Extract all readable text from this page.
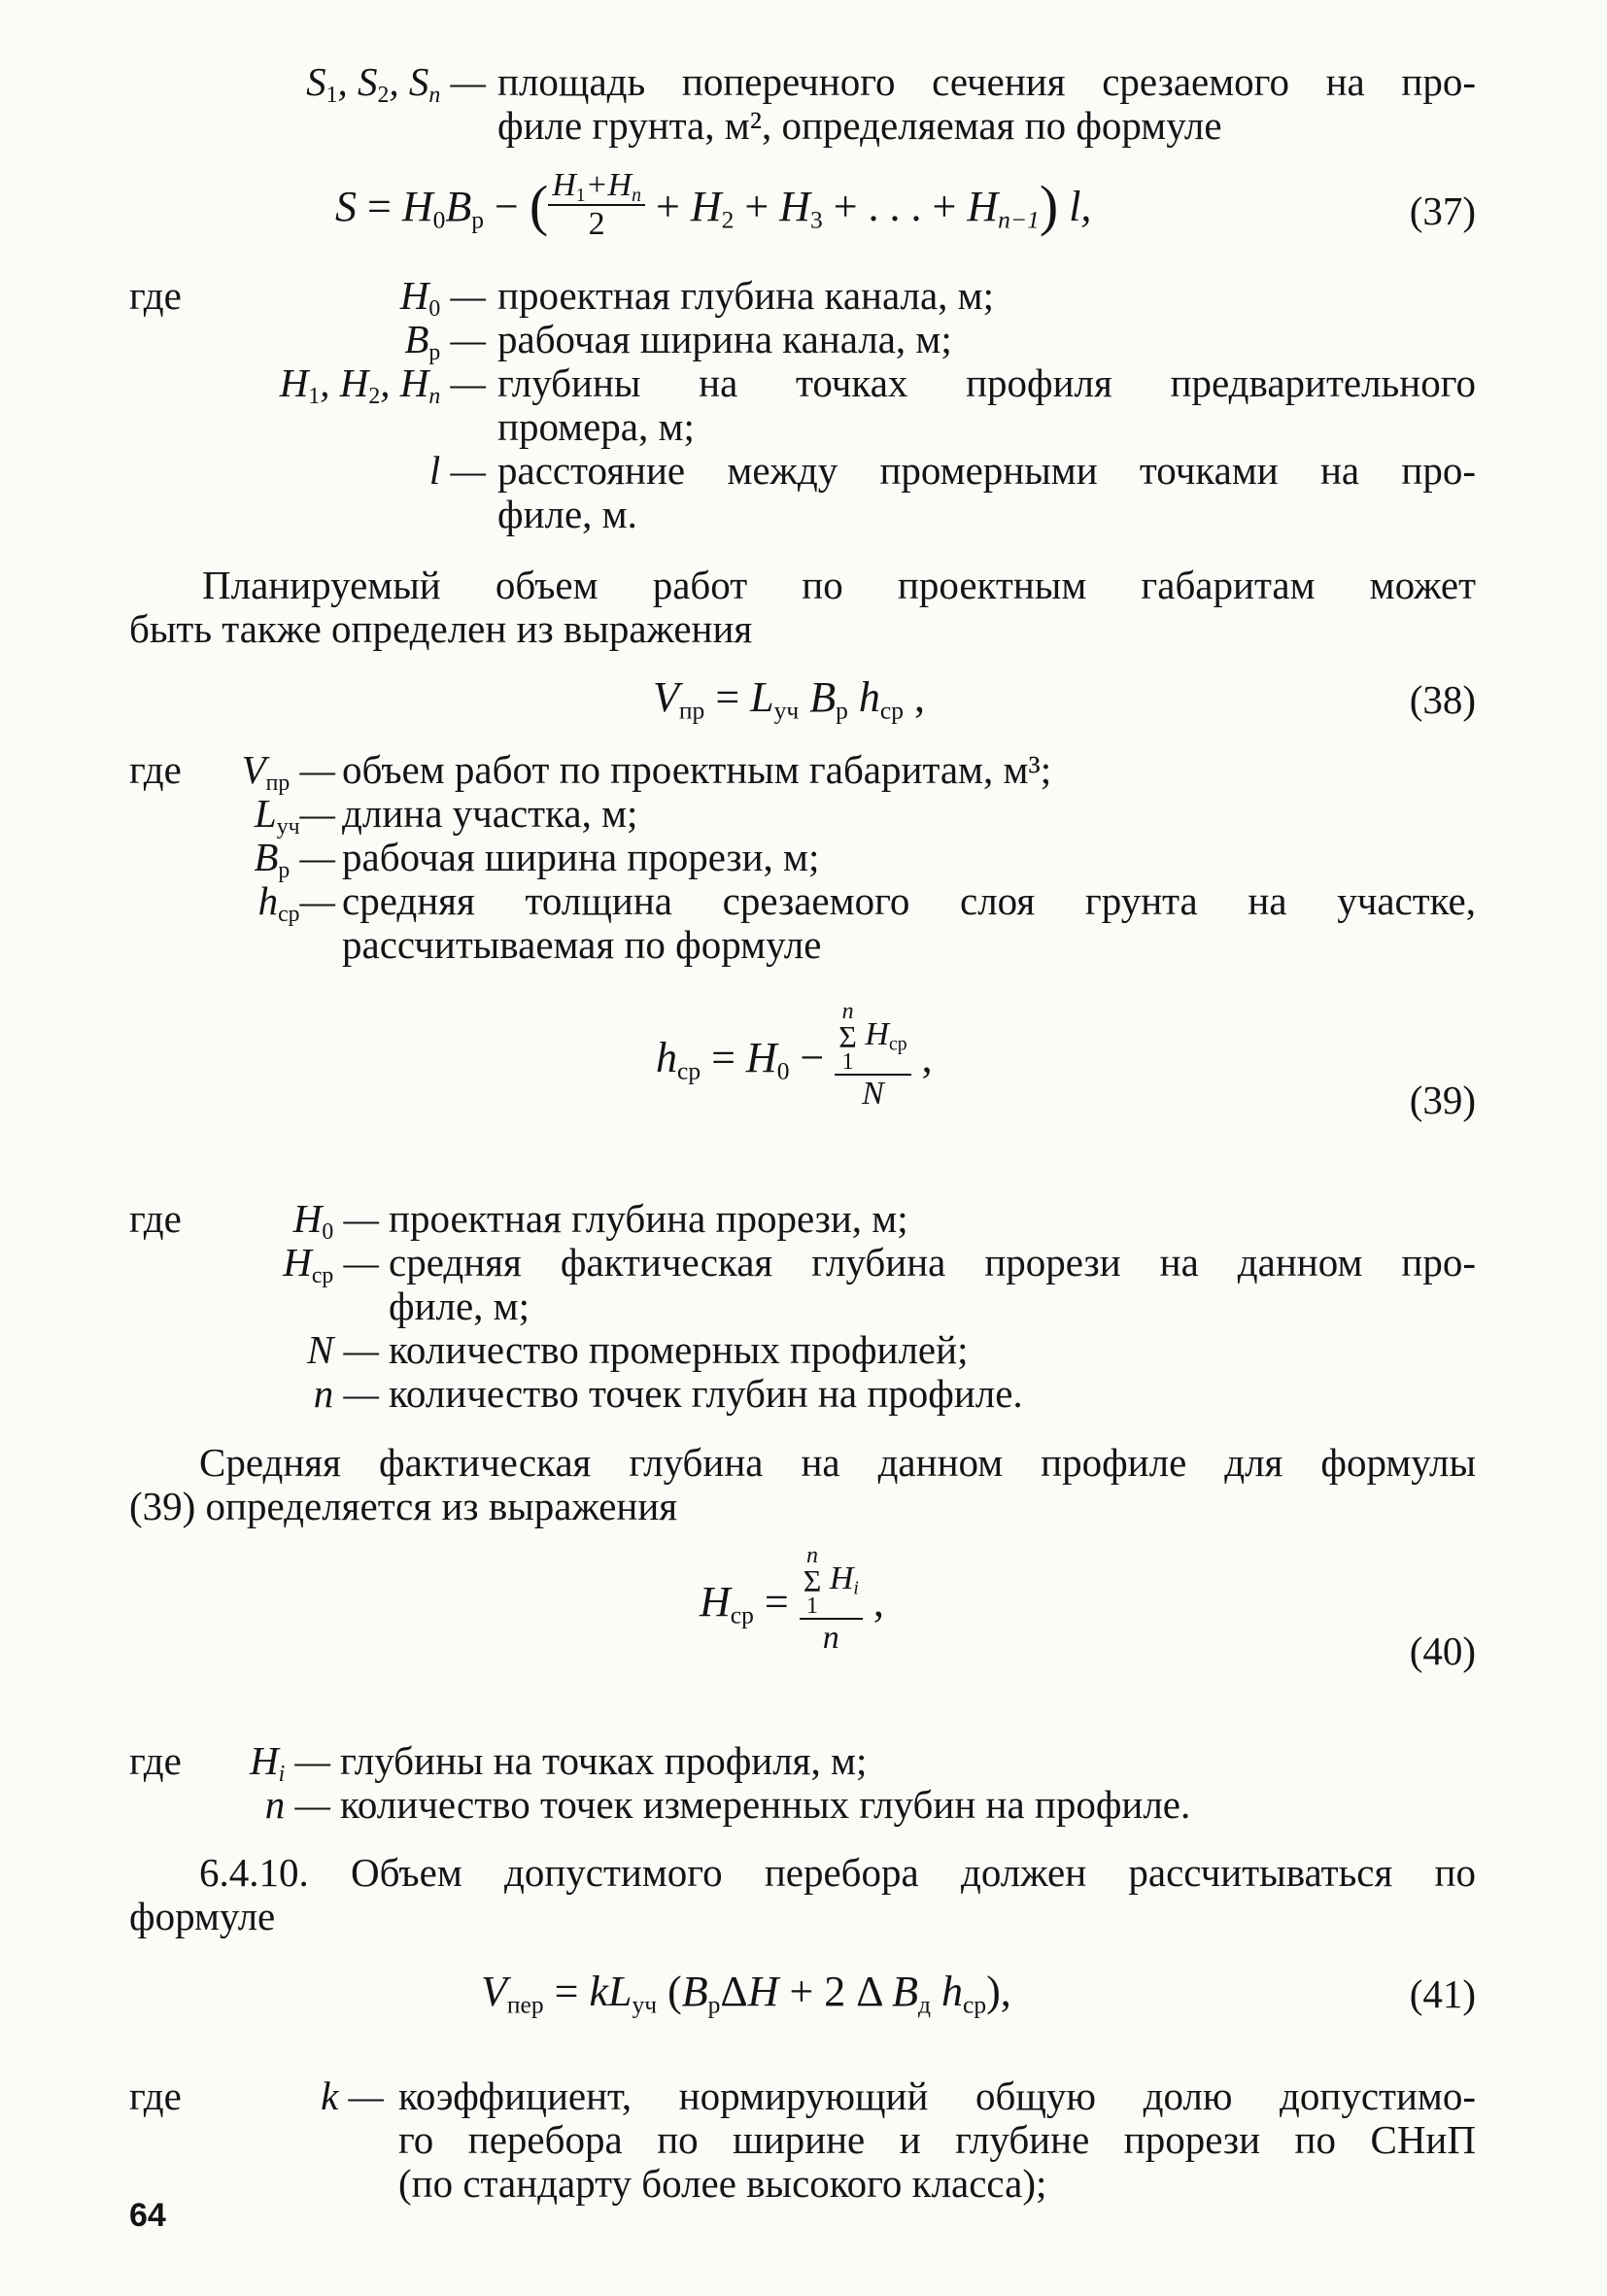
S1, S2, Sn — площадь поперечного сечения срезаемого на про-
филе грунта, м², определяемая по формуле
$S = H_0B_р$ − ( $\frac{H_1+H_n}{2} + H_2 + H_3$ + . . . + $H_{n-1}$) l,	(37)
где	H0 — проектная глубина канала, м;
Bр — рабочая ширина канала, м;
H1, H2, Hn — глубины на точках профиля предварительного
промера, м;
l — расстояние между промерными точками на про-
филе, м.
Планируемый объем работ по проектным габаритам может
быть также определен из выражения
$V_{пр} = L_{уч}$ $B_р$ $h_{ср}$ ,	(38)
где	Vпр — объем работ по проектным габаритам, м³;
Lуч— длина участка, м;
Bр — рабочая ширина прорези, м;
hср— средняя толщина срезаемого слоя грунта на участке,
рассчитываемая по формуле
$h_{ср} = H_0 - n$
Σ
1
$H_{ср}$
N ,
(39)
где	H0 — проектная глубина прорези, м;
Hср — средняя фактическая глубина прорези на данном про-
филе, м;
N — количество промерных профилей;
n — количество точек глубин на профиле.
Средняя фактическая глубина на данном профиле для формулы
(39) определяется из выражения
$H_{ср} = n$
Σ
1
$H_i$
n ,
(40)
где	Hi — глубины на точках профиля, м;
n — количество точек измеренных глубин на профиле.
6.4.10. Объем допустимого перебора должен рассчитываться по
формуле
$V_{пер} = kL_{уч}$ ($B_р\Delta H + 2$ Δ $B_д$ $h_{ср}$),	(41)
где	k — коэффициент, нормирующий общую долю допустимо-
го перебора по ширине и глубине прорези по СНиП
(по стандарту более высокого класса);
64
